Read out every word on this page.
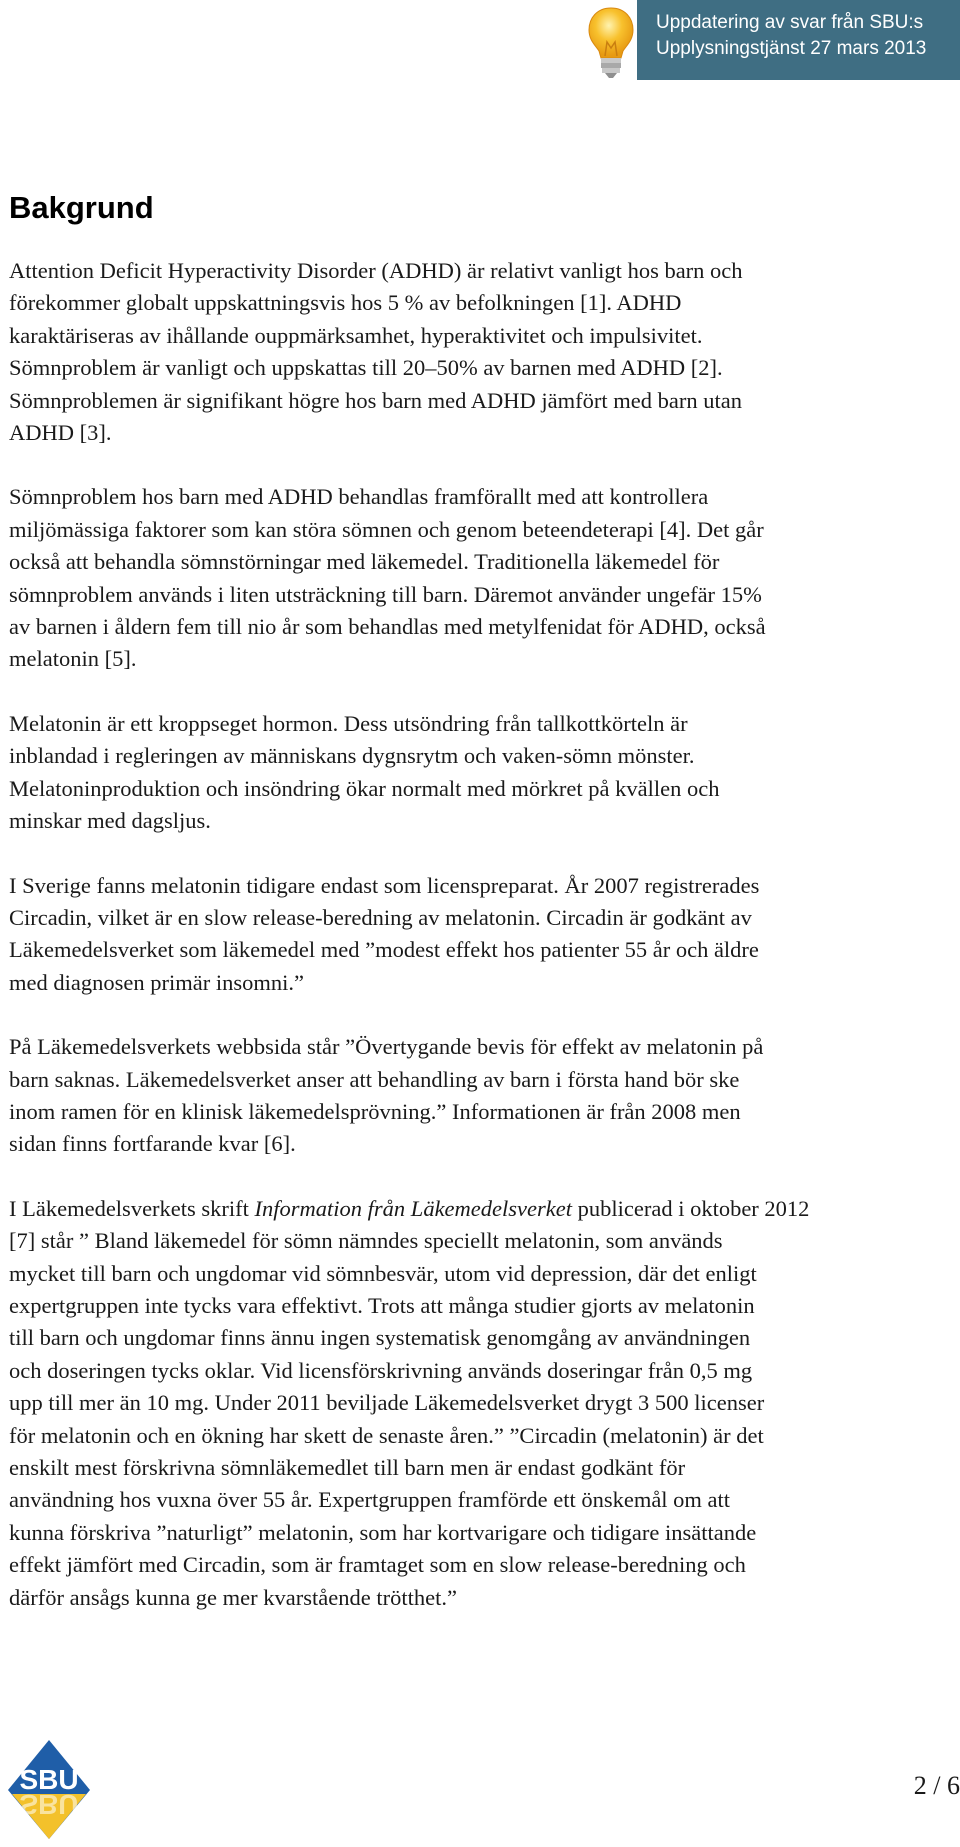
Uppdatering av svar från SBU:s
Upplysningstjänst 27 mars 2013
Bakgrund

Attention Deficit Hyperactivity Disorder (ADHD) är relativt vanligt hos barn och
förekommer globalt uppskattningsvis hos 5 % av befolkningen [1]. ADHD
karaktäriseras av ihållande ouppmärksamhet, hyperaktivitet och impulsivitet.
Sömnproblem är vanligt och uppskattas till 20–50% av barnen med ADHD [2].
Sömnproblemen är signifikant högre hos barn med ADHD jämfört med barn utan
ADHD [3].

Sömnproblem hos barn med ADHD behandlas framförallt med att kontrollera
miljömässiga faktorer som kan störa sömnen och genom beteendeterapi [4]. Det går
också att behandla sömnstörningar med läkemedel. Traditionella läkemedel för
sömnproblem används i liten utsträckning till barn. Däremot använder ungefär 15%
av barnen i åldern fem till nio år som behandlas med metylfenidat för ADHD, också
melatonin [5].

Melatonin är ett kroppseget hormon. Dess utsöndring från tallkottkörteln är
inblandad i regleringen av människans dygnsrytm och vaken-sömn mönster.
Melatoninproduktion och insöndring ökar normalt med mörkret på kvällen och
minskar med dagsljus.

I Sverige fanns melatonin tidigare endast som licenspreparat. År 2007 registrerades
Circadin, vilket är en slow release-beredning av melatonin. Circadin är godkänt av
Läkemedelsverket som läkemedel med ”modest effekt hos patienter 55 år och äldre
med diagnosen primär insomni.”

På Läkemedelsverkets webbsida står ”Övertygande bevis för effekt av melatonin på
barn saknas. Läkemedelsverket anser att behandling av barn i första hand bör ske
inom ramen för en klinisk läkemedelsprövning.” Informationen är från 2008 men
sidan finns fortfarande kvar [6].

I Läkemedelsverkets skrift Information från Läkemedelsverket publicerad i oktober 2012
[7] står ” Bland läkemedel för sömn nämndes speciellt melatonin, som används
mycket till barn och ungdomar vid sömnbesvär, utom vid depression, där det enligt
expertgruppen inte tycks vara effektivt. Trots att många studier gjorts av melatonin
till barn och ungdomar finns ännu ingen systematisk genomgång av användningen
och doseringen tycks oklar. Vid licensförskrivning används doseringar från 0,5 mg
upp till mer än 10 mg. Under 2011 beviljade Läkemedelsverket drygt 3 500 licenser
för melatonin och en ökning har skett de senaste åren.” ”Circadin (melatonin) är det
enskilt mest förskrivna sömnläkemedlet till barn men är endast godkänt för
användning hos vuxna över 55 år. Expertgruppen framförde ett önskemål om att
kunna förskriva ”naturligt” melatonin, som har kortvarigare och tidigare insättande
effekt jämfört med Circadin, som är framtaget som en slow release-beredning och
därför ansågs kunna ge mer kvarstående trötthet.”

SBU
SBU
2 / 6
